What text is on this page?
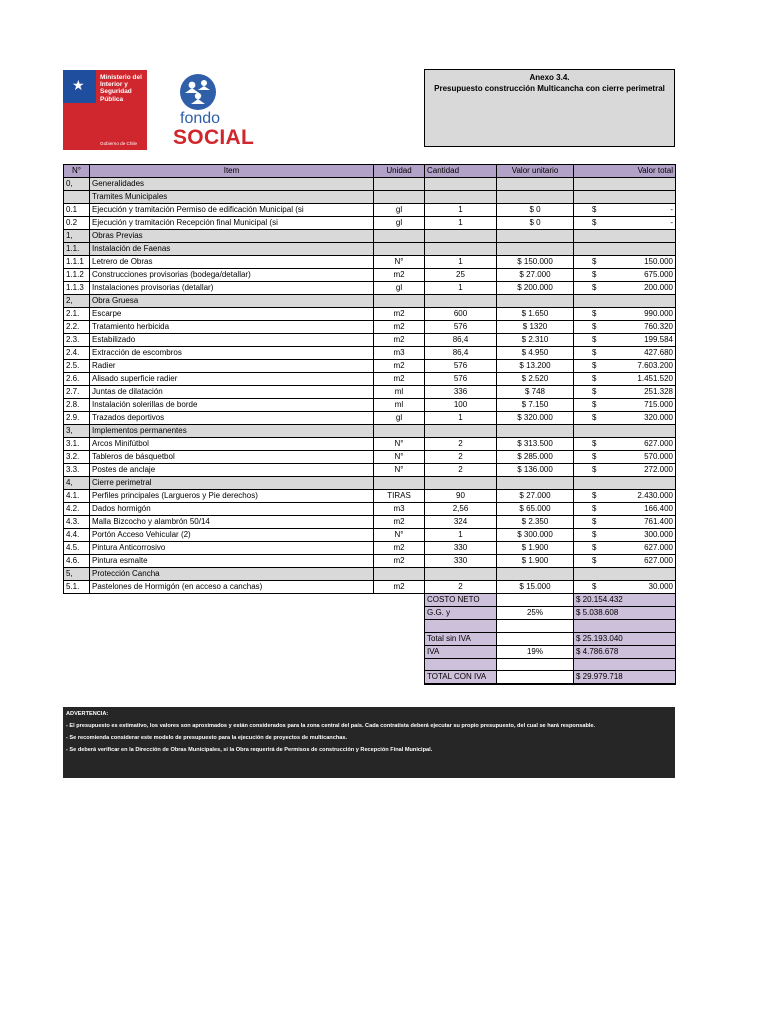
★ Ministerio del
Interior y
Seguridad
Pública
Gobierno de Chile
fondo
SOCIAL
Anexo 3.4.
Presupuesto construcción Multicancha con cierre perimetral
N°	Item	Unidad	Cantidad	Valor unitario	Valor total
0,	Generalidades				
	Tramites Municipales				
0.1	Ejecución y tramitación Permiso de edificación Municipal (si	gl	1	$ 0	$ -
0.2	Ejecución y tramitación Recepción final Municipal (si	gl	1	$ 0	$ -
1,	Obras Previas				
1.1.	Instalación de Faenas				
1.1.1	Letrero de Obras	N°	1	$ 150.000	$ 150.000
1.1.2	Construcciones provisorias (bodega/detallar)	m2	25	$ 27.000	$ 675.000
1.1.3	Instalaciones provisorias (detallar)	gl	1	$ 200.000	$ 200.000
2,	Obra Gruesa				
2.1.	Escarpe	m2	600	$ 1.650	$ 990.000
2.2.	Tratamiento herbicida	m2	576	$ 1320	$ 760.320
2.3.	Estabilizado	m2	86,4	$ 2.310	$ 199.584
2.4.	Extracción de escombros	m3	86,4	$ 4.950	$ 427.680
2.5.	Radier	m2	576	$ 13.200	$ 7.603.200
2.6.	Alisado superficie radier	m2	576	$ 2.520	$ 1.451.520
2.7.	Juntas de dilatación	ml	336	$ 748	$ 251.328
2.8.	Instalación solerillas de borde	ml	100	$ 7.150	$ 715.000
2.9.	Trazados deportivos	gl	1	$ 320.000	$ 320.000
3,	Implementos permanentes				
3.1.	Arcos Minifútbol	N°	2	$ 313.500	$ 627.000
3.2.	Tableros de básquetbol	N°	2	$ 285.000	$ 570.000
3.3.	Postes de anclaje	N°	2	$ 136.000	$ 272.000
4,	Cierre perimetral				
4.1.	Perfiles principales (Largueros y Pie derechos)	TIRAS	90	$ 27.000	$ 2.430.000
4.2.	Dados hormigón	m3	2,56	$ 65.000	$ 166.400
4.3.	Malla Bizcocho y alambrón 50/14	m2	324	$ 2.350	$ 761.400
4.4.	Portón Acceso Vehicular (2)	N°	1	$ 300.000	$ 300.000
4.5.	Pintura Anticorrosivo	m2	330	$ 1.900	$ 627.000
4.6.	Pintura esmalte	m2	330	$ 1.900	$ 627.000
5,	Protección Cancha				
5.1.	Pastelones de Hormigón (en acceso a canchas)	m2	2	$ 15.000	$ 30.000
			COSTO NETO		$ 20.154.432
			G.G. y	25%	$ 5.038.608

			Total sin IVA		$ 25.193.040
			IVA	19%	$ 4.786.678

			TOTAL CON IVA		$ 29.979.718

ADVERTENCIA:

- El presupuesto es estimativo, los valores son aproximados y están considerados para la zona central del país. Cada contratista deberá ejecutar su propio presupuesto, del cual se hará responsable.

- Se recomienda considerar este modelo de presupuesto para la ejecución de proyectos de multicanchas.

- Se deberá verificar en la Dirección de Obras Municipales, si la Obra requerirá de Permisos de construcción y Recepción Final Municipal.
